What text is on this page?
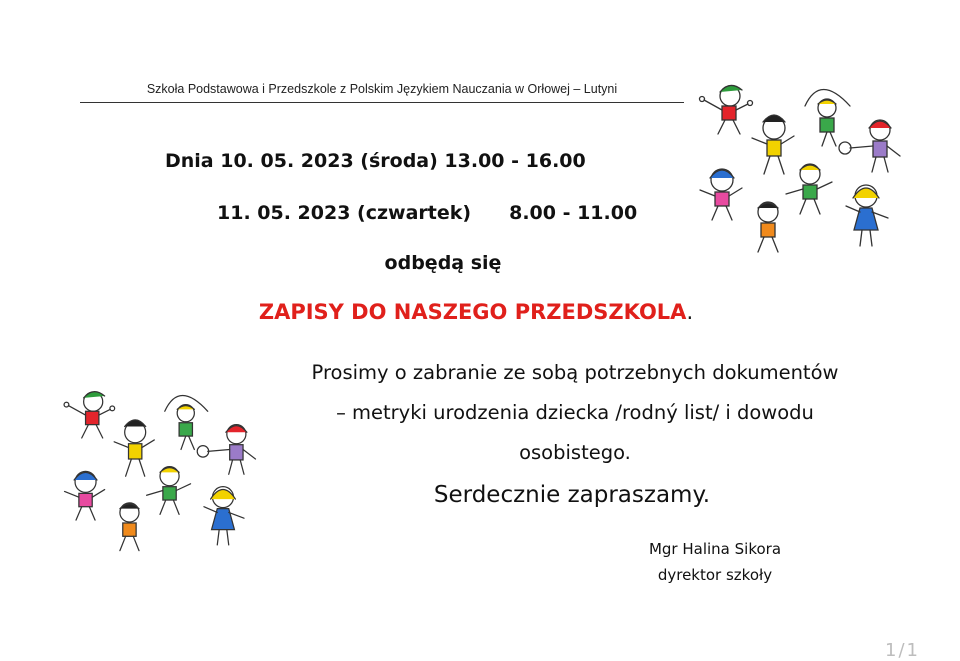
Szkoła Podstawowa i Przedszkole z Polskim Językiem Nauczania w Orłowej – Lutyni
Dnia 10. 05. 2023 (środa) 13.00 - 16.00
11. 05. 2023 (czwartek) 8.00 - 11.00
odbędą się
ZAPISY DO NASZEGO PRZEDSZKOLA.
Prosimy o zabranie ze sobą potrzebnych dokumentów
– metryki urodzenia dziecka /rodný list/ i dowodu
osobistego.
Serdecznie zapraszamy.
Mgr Halina Sikora
dyrektor szkoły
1/1
